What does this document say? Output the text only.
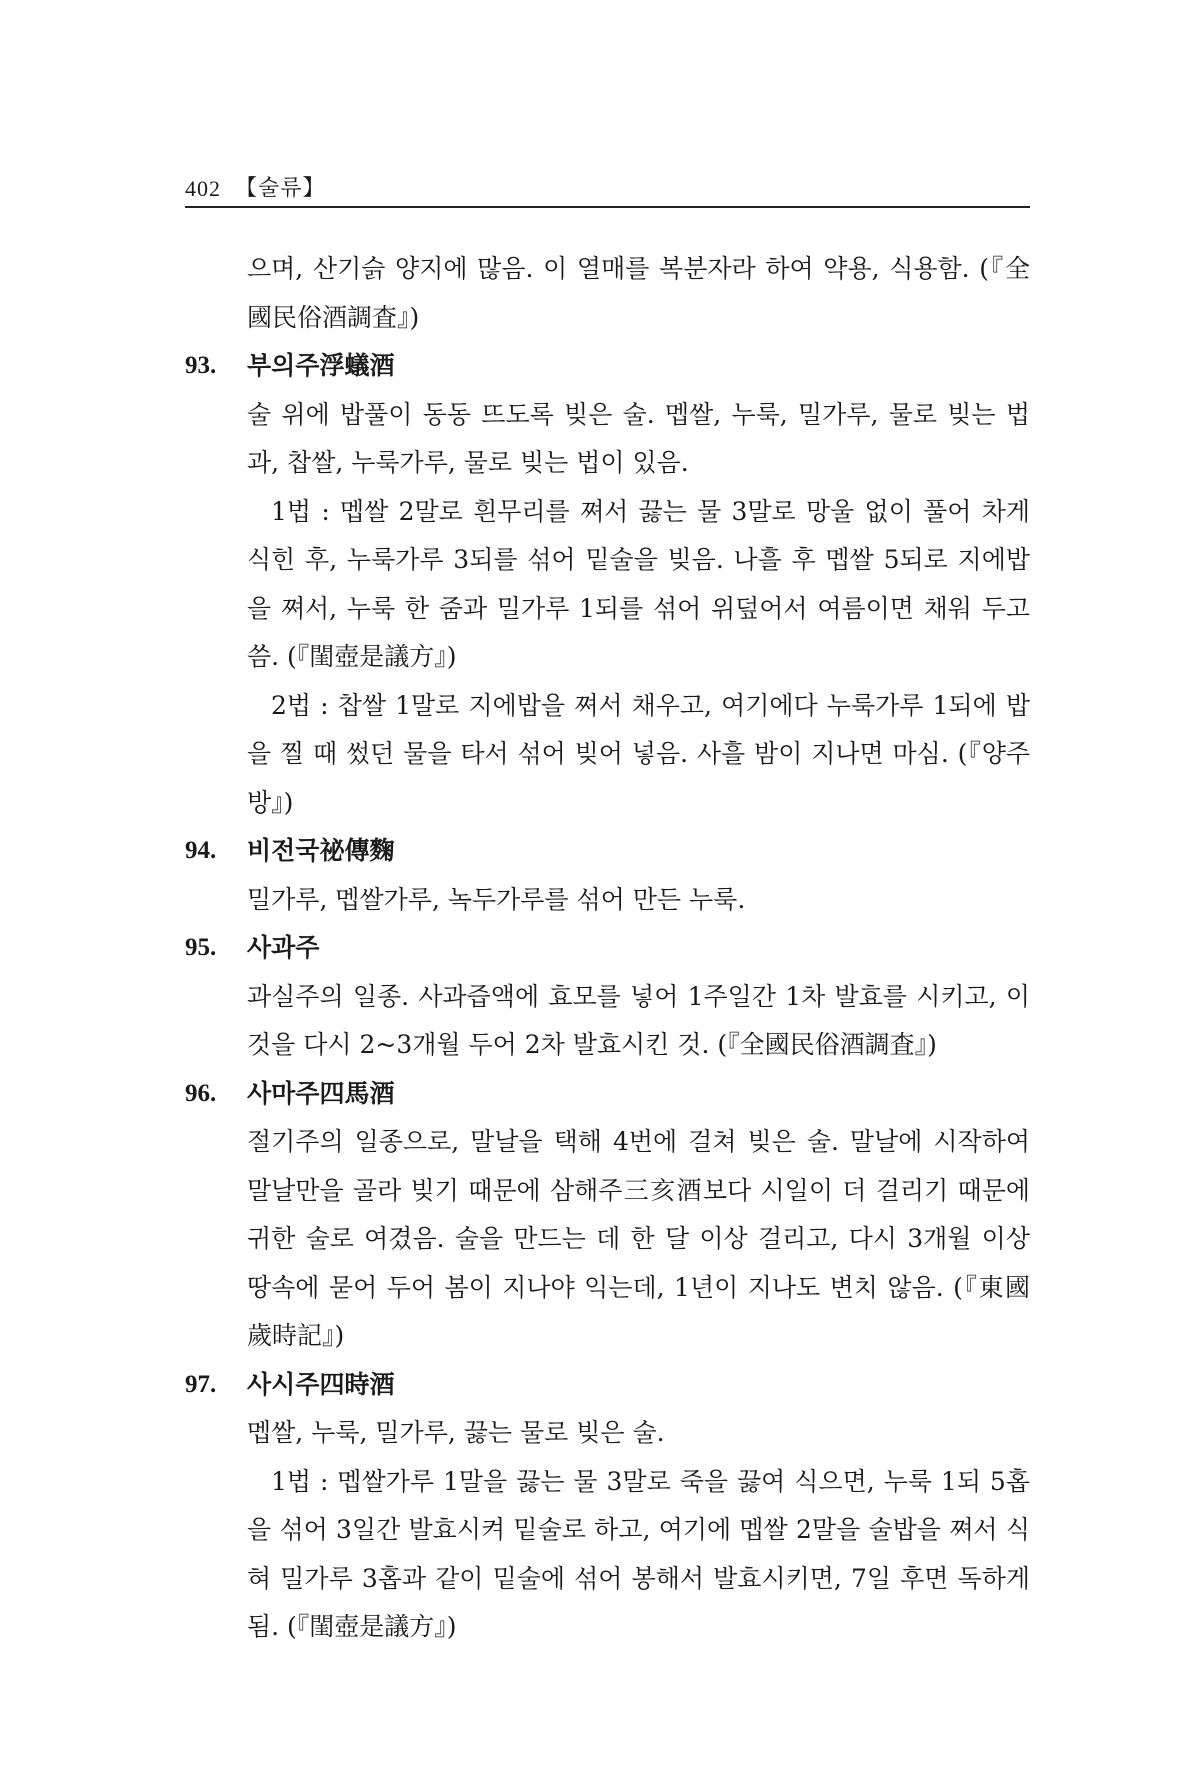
402 【술류】

으며, 산기슭 양지에 많음. 이 열매를 복분자라 하여 약용, 식용함. (『全國民俗酒調査』)

93.	부의주浮蟻酒

술 위에 밥풀이 동동 뜨도록 빚은 술. 멥쌀, 누룩, 밀가루, 물로 빚는 법과, 찹쌀, 누룩가루, 물로 빚는 법이 있음.

1법 : 멥쌀 2말로 흰무리를 쪄서 끓는 물 3말로 망울 없이 풀어 차게 식힌 후, 누룩가루 3되를 섞어 밑술을 빚음. 나흘 후 멥쌀 5되로 지에밥을 쪄서, 누룩 한 줌과 밀가루 1되를 섞어 위덮어서 여름이면 채워 두고 씀. (『閨壺是議方』)

2법 : 찹쌀 1말로 지에밥을 쪄서 채우고, 여기에다 누룩가루 1되에 밥을 찔 때 썼던 물을 타서 섞어 빚어 넣음. 사흘 밤이 지나면 마심. (『양주방』)

94.	비전국祕傳麴

밀가루, 멥쌀가루, 녹두가루를 섞어 만든 누룩.

95.	사과주

과실주의 일종. 사과즙액에 효모를 넣어 1주일간 1차 발효를 시키고, 이것을 다시 2~3개월 두어 2차 발효시킨 것. (『全國民俗酒調査』)

96.	사마주四馬酒

절기주의 일종으로, 말날을 택해 4번에 걸쳐 빚은 술. 말날에 시작하여 말날만을 골라 빚기 때문에 삼해주三亥酒보다 시일이 더 걸리기 때문에 귀한 술로 여겼음. 술을 만드는 데 한 달 이상 걸리고, 다시 3개월 이상 땅속에 묻어 두어 봄이 지나야 익는데, 1년이 지나도 변치 않음. (『東國歲時記』)

97.	사시주四時酒

멥쌀, 누룩, 밀가루, 끓는 물로 빚은 술.

1법 : 멥쌀가루 1말을 끓는 물 3말로 죽을 끓여 식으면, 누룩 1되 5홉을 섞어 3일간 발효시켜 밑술로 하고, 여기에 멥쌀 2말을 술밥을 쪄서 식혀 밀가루 3홉과 같이 밑술에 섞어 봉해서 발효시키면, 7일 후면 독하게 됨. (『閨壺是議方』)
